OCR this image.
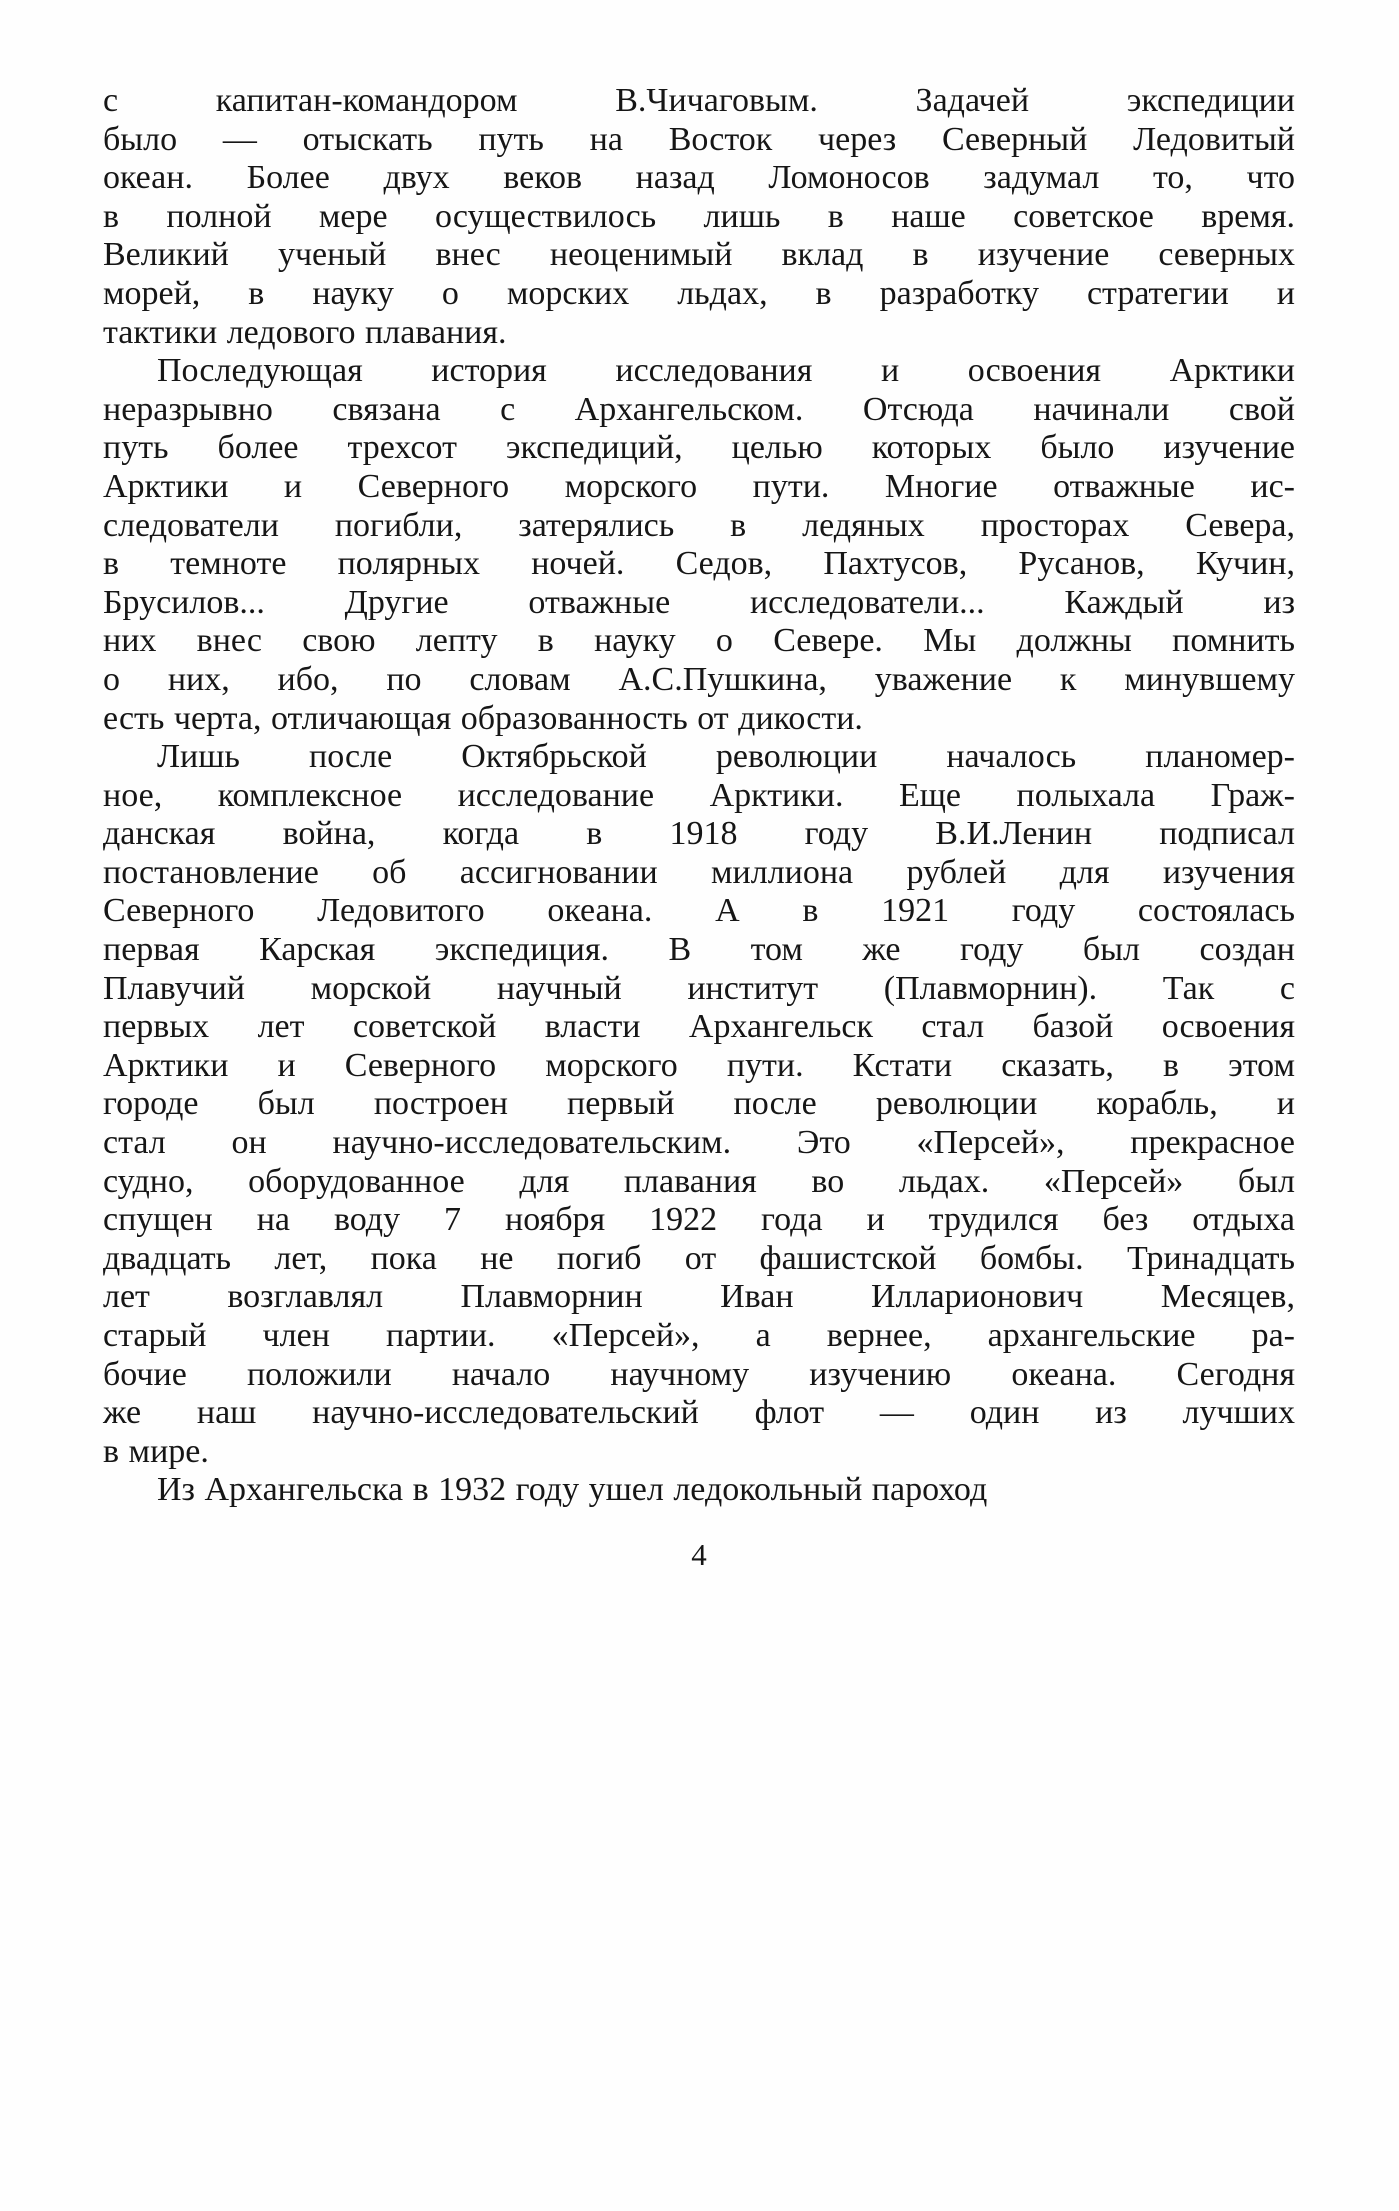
с капитан-командором В.Чичаговым. Задачей экспедиции
было — отыскать путь на Восток через Северный Ледовитый
океан. Более двух веков назад Ломоносов задумал то, что
в полной мере осуществилось лишь в наше советское время.
Великий ученый внес неоценимый вклад в изучение северных
морей, в науку о морских льдах, в разработку стратегии и
тактики ледового плавания.
Последующая история исследования и освоения Арктики
неразрывно связана с Архангельском. Отсюда начинали свой
путь более трехсот экспедиций, целью которых было изучение
Арктики и Северного морского пути. Многие отважные ис-
следователи погибли, затерялись в ледяных просторах Севера,
в темноте полярных ночей. Седов, Пахтусов, Русанов, Кучин,
Брусилов... Другие отважные исследователи... Каждый из
них внес свою лепту в науку о Севере. Мы должны помнить
о них, ибо, по словам А.С.Пушкина, уважение к минувшему
есть черта, отличающая образованность от дикости.
Лишь после Октябрьской революции началось планомер-
ное, комплексное исследование Арктики. Еще полыхала Граж-
данская война, когда в 1918 году В.И.Ленин подписал
постановление об ассигновании миллиона рублей для изучения
Северного Ледовитого океана. А в 1921 году состоялась
первая Карская экспедиция. В том же году был создан
Плавучий морской научный институт (Плавморнин). Так с
первых лет советской власти Архангельск стал базой освоения
Арктики и Северного морского пути. Кстати сказать, в этом
городе был построен первый после революции корабль, и
стал он научно-исследовательским. Это «Персей», прекрасное
судно, оборудованное для плавания во льдах. «Персей» был
спущен на воду 7 ноября 1922 года и трудился без отдыха
двадцать лет, пока не погиб от фашистской бомбы. Тринадцать
лет возглавлял Плавморнин Иван Илларионович Месяцев,
старый член партии. «Персей», а вернее, архангельские ра-
бочие положили начало научному изучению океана. Сегодня
же наш научно-исследовательский флот — один из лучших
в мире.
Из Архангельска в 1932 году ушел ледокольный пароход
4
